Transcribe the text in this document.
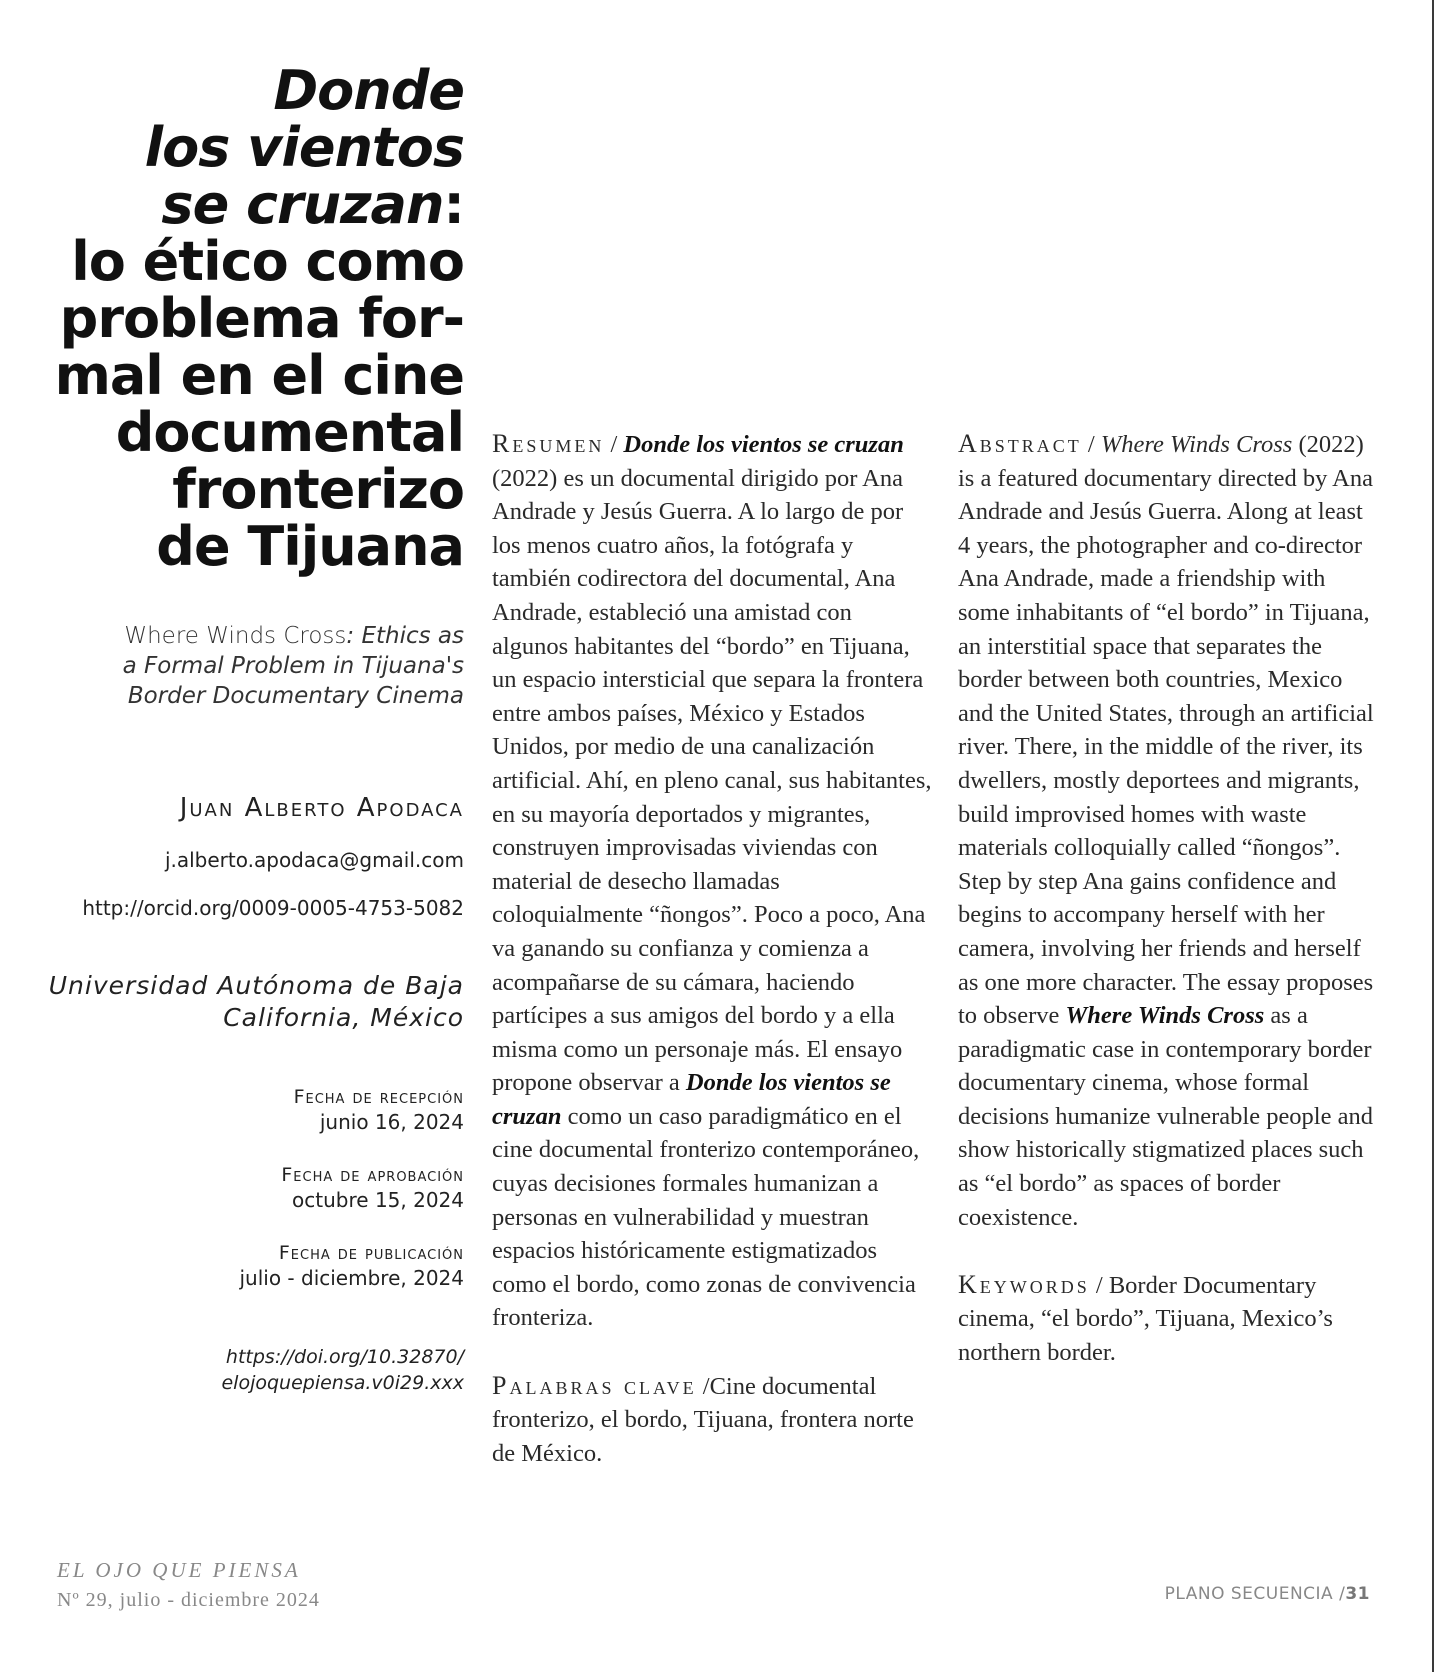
Donde
los vientos
se cruzan:
lo ético como
problema for-
mal en el cine
documental
fronterizo
de Tijuana
Where Winds Cross: Ethics as
a Formal Problem in Tijuana's
Border Documentary Cinema
Juan Alberto Apodaca
j.alberto.apodaca@gmail.com
http://orcid.org/0009-0005-4753-5082
Universidad Autónoma de Baja
California, México
Fecha de recepción
junio 16, 2024
Fecha de aprobación
octubre 15, 2024
Fecha de publicación
julio - diciembre, 2024
https://doi.org/10.32870/
elojoquepiensa.v0i29.xxx

Resumen / Donde los vientos se cruzan (2022) es un documental dirigido por Ana Andrade y Jesús Guerra. A lo largo de por los menos cuatro años, la fotógrafa y también codirectora del documental, Ana Andrade, estableció una amistad con algunos habitantes del “bordo” en Tijuana, un espacio intersticial que separa la frontera entre ambos países, México y Estados Unidos, por medio de una canalización artificial. Ahí, en pleno canal, sus habitantes, en su mayoría deportados y migrantes, construyen improvisadas viviendas con material de desecho llamadas coloquialmente “ñongos”. Poco a poco, Ana va ganando su confianza y comienza a acompañarse de su cámara, haciendo partícipes a sus amigos del bordo y a ella misma como un personaje más. El ensayo propone observar a Donde los vientos se cruzan como un caso paradigmático en el cine documental fronterizo contemporáneo, cuyas decisiones formales humanizan a personas en vulnerabilidad y muestran espacios históricamente estigmatizados como el bordo, como zonas de convivencia fronteriza.

Palabras clave /Cine documental fronterizo, el bordo, Tijuana, frontera norte de México.

Abstract / Where Winds Cross (2022) is a featured documentary directed by Ana Andrade and Jesús Guerra. Along at least 4 years, the photographer and co-director Ana Andrade, made a friendship with some inhabitants of “el bordo” in Tijuana, an interstitial space that separates the border between both countries, Mexico and the United States, through an artificial river. There, in the middle of the river, its dwellers, mostly deportees and migrants, build improvised homes with waste materials colloquially called “ñongos”. Step by step Ana gains confidence and begins to accompany herself with her camera, involving her friends and herself as one more character. The essay proposes to observe Where Winds Cross as a paradigmatic case in contemporary border documentary cinema, whose formal decisions humanize vulnerable people and show historically stigmatized places such as “el bordo” as spaces of border coexistence.

Keywords / Border Documentary cinema, “el bordo”, Tijuana, Mexico’s northern border.

EL OJO QUE PIENSA
Nº 29, julio - diciembre 2024	PLANO SECUENCIA /31
